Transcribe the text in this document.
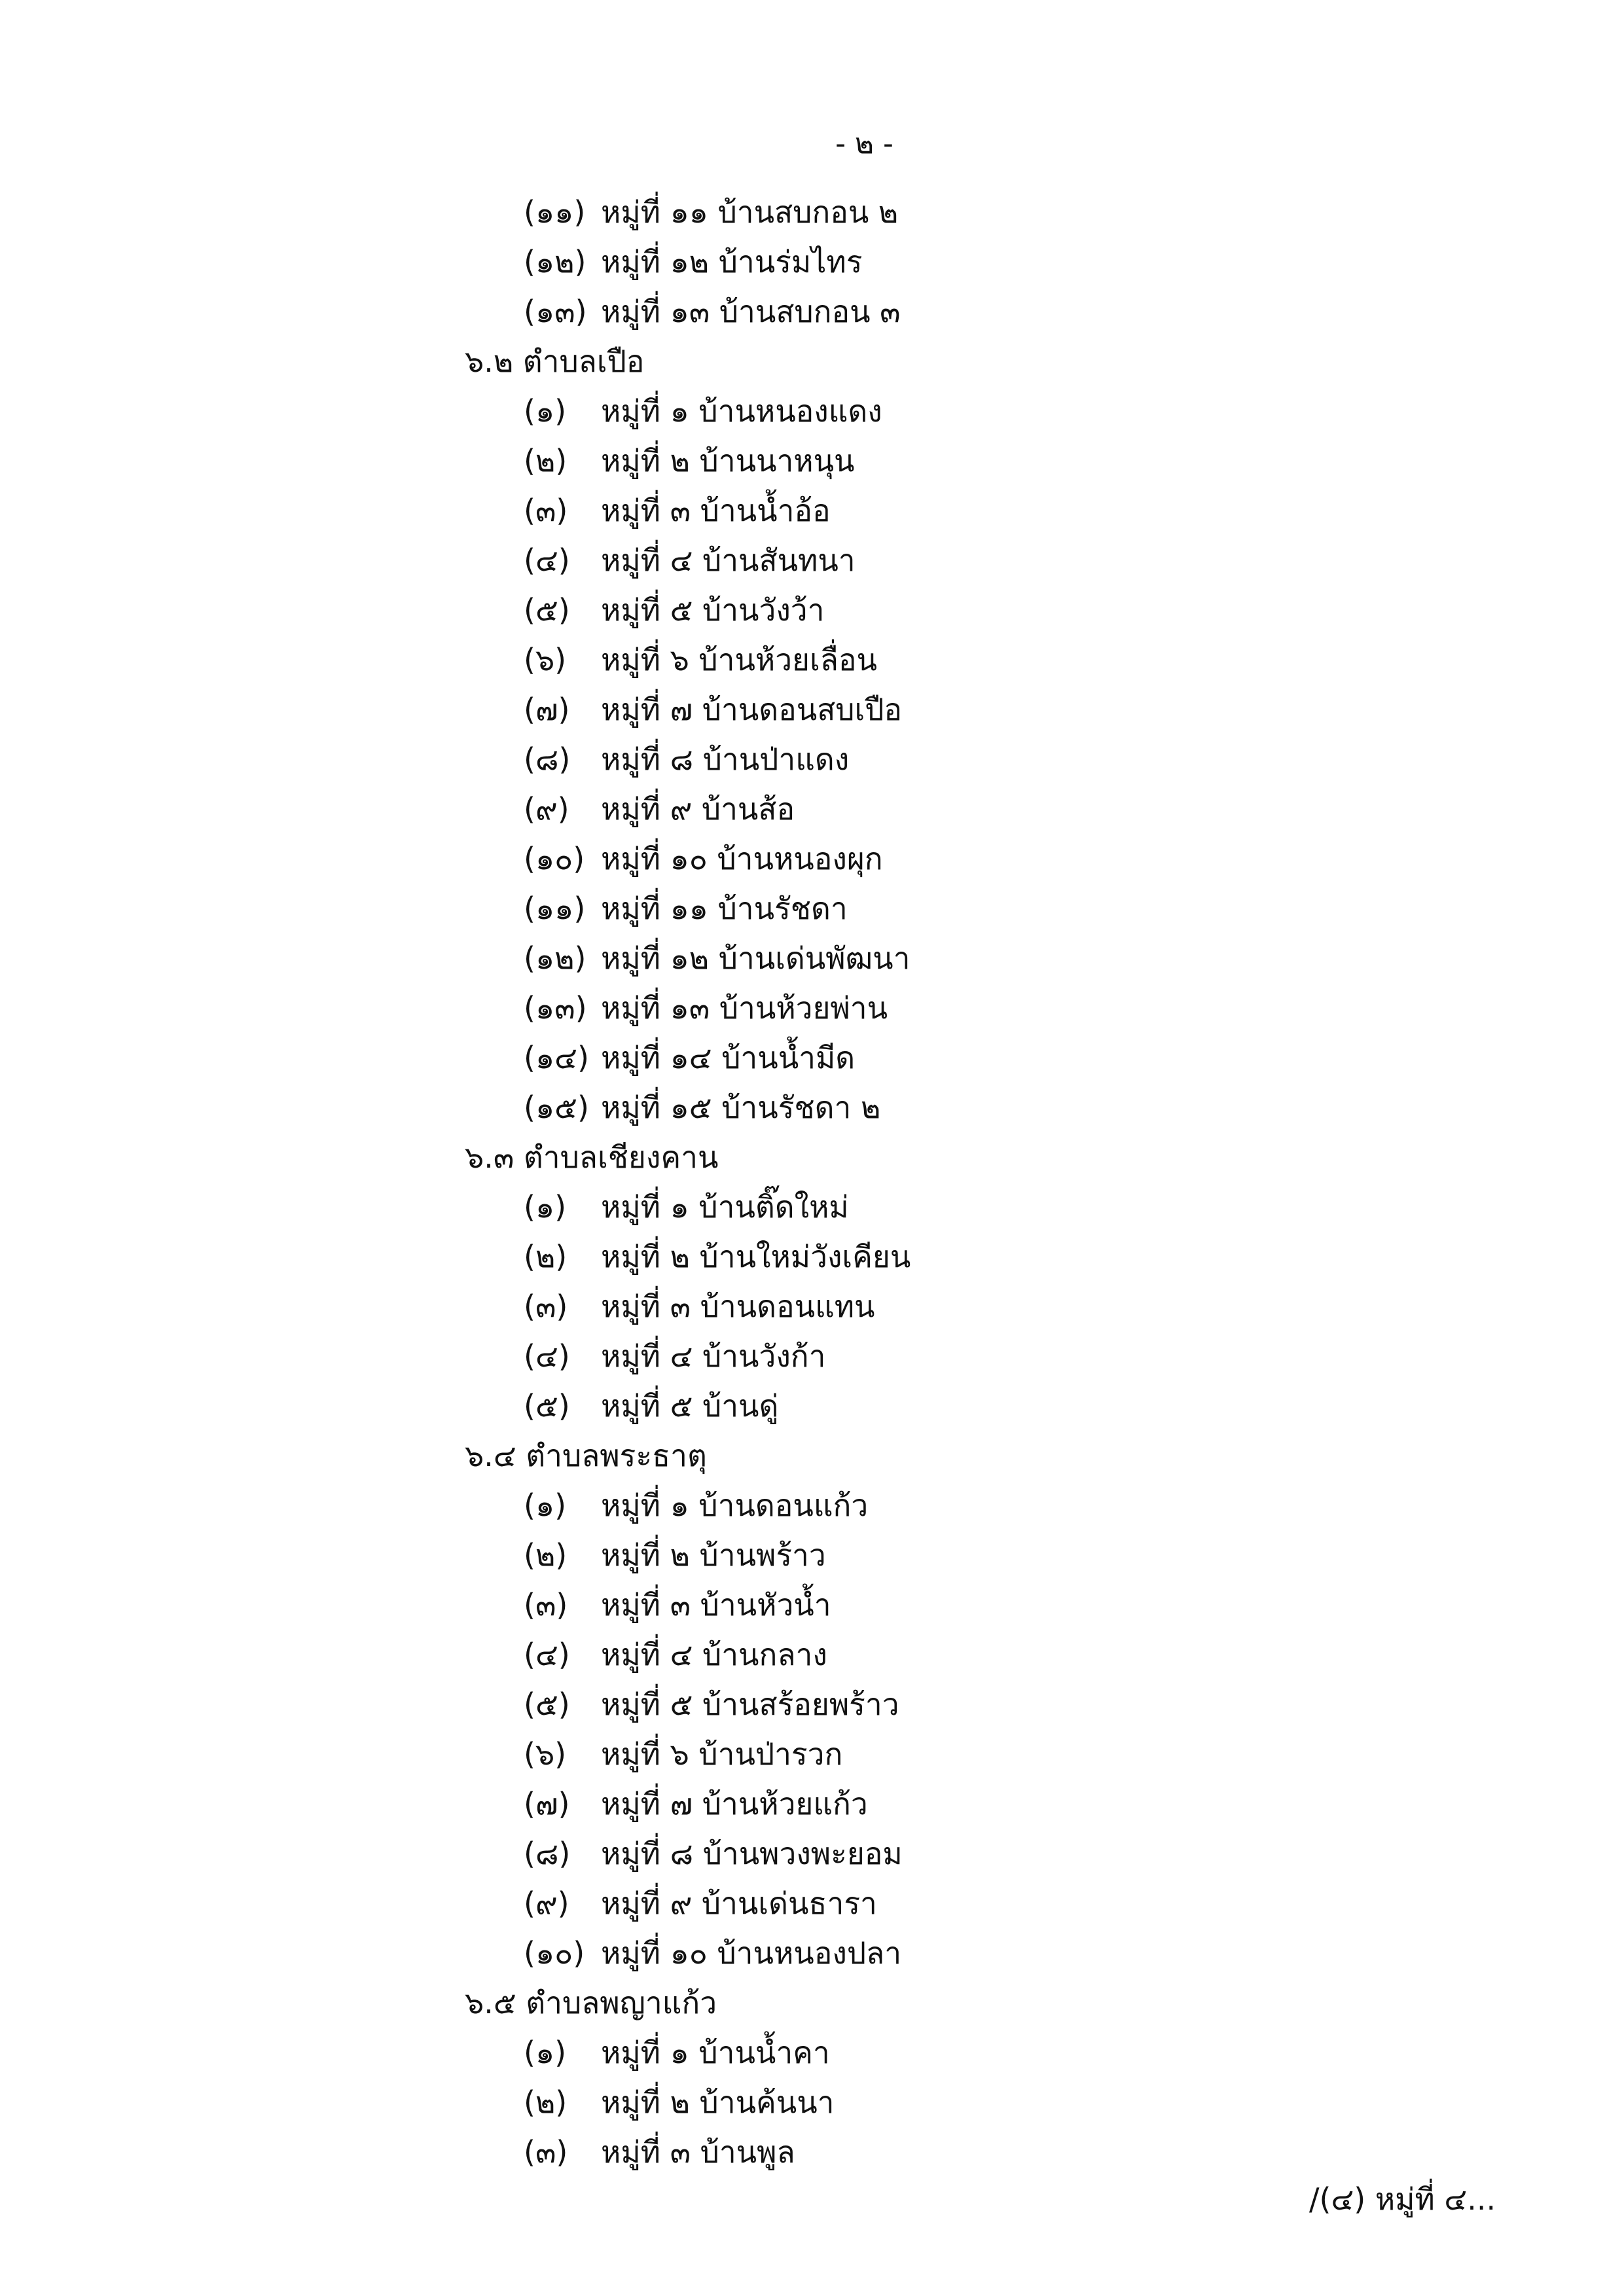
- ๒ -
(๑๑) หมู่ที่ ๑๑ บ้านสบกอน ๒
(๑๒) หมู่ที่ ๑๒ บ้านร่มไทร
(๑๓) หมู่ที่ ๑๓ บ้านสบกอน ๓
๖.๒ ตำบลเปือ
(๑) หมู่ที่ ๑ บ้านหนองแดง
(๒) หมู่ที่ ๒ บ้านนาหนุน
(๓) หมู่ที่ ๓ บ้านน้ำอ้อ
(๔) หมู่ที่ ๔ บ้านสันทนา
(๕) หมู่ที่ ๕ บ้านวังว้า
(๖) หมู่ที่ ๖ บ้านห้วยเลื่อน
(๗) หมู่ที่ ๗ บ้านดอนสบเปือ
(๘) หมู่ที่ ๘ บ้านป่าแดง
(๙) หมู่ที่ ๙ บ้านส้อ
(๑๐) หมู่ที่ ๑๐ บ้านหนองผุก
(๑๑) หมู่ที่ ๑๑ บ้านรัชดา
(๑๒) หมู่ที่ ๑๒ บ้านเด่นพัฒนา
(๑๓) หมู่ที่ ๑๓ บ้านห้วยพ่าน
(๑๔) หมู่ที่ ๑๔ บ้านน้ำมีด
(๑๕) หมู่ที่ ๑๕ บ้านรัชดา ๒
๖.๓ ตำบลเชียงคาน
(๑) หมู่ที่ ๑ บ้านติ๊ดใหม่
(๒) หมู่ที่ ๒ บ้านใหม่วังเคียน
(๓) หมู่ที่ ๓ บ้านดอนแทน
(๔) หมู่ที่ ๔ บ้านวังก้า
(๕) หมู่ที่ ๕ บ้านดู่
๖.๔ ตำบลพระธาตุ
(๑) หมู่ที่ ๑ บ้านดอนแก้ว
(๒) หมู่ที่ ๒ บ้านพร้าว
(๓) หมู่ที่ ๓ บ้านหัวน้ำ
(๔) หมู่ที่ ๔ บ้านกลาง
(๕) หมู่ที่ ๕ บ้านสร้อยพร้าว
(๖) หมู่ที่ ๖ บ้านป่ารวก
(๗) หมู่ที่ ๗ บ้านห้วยแก้ว
(๘) หมู่ที่ ๘ บ้านพวงพะยอม
(๙) หมู่ที่ ๙ บ้านเด่นธารา
(๑๐) หมู่ที่ ๑๐ บ้านหนองปลา
๖.๕ ตำบลพญาแก้ว
(๑) หมู่ที่ ๑ บ้านน้ำคา
(๒) หมู่ที่ ๒ บ้านค้นนา
(๓) หมู่ที่ ๓ บ้านพูล
/(๔) หมู่ที่ ๔...
